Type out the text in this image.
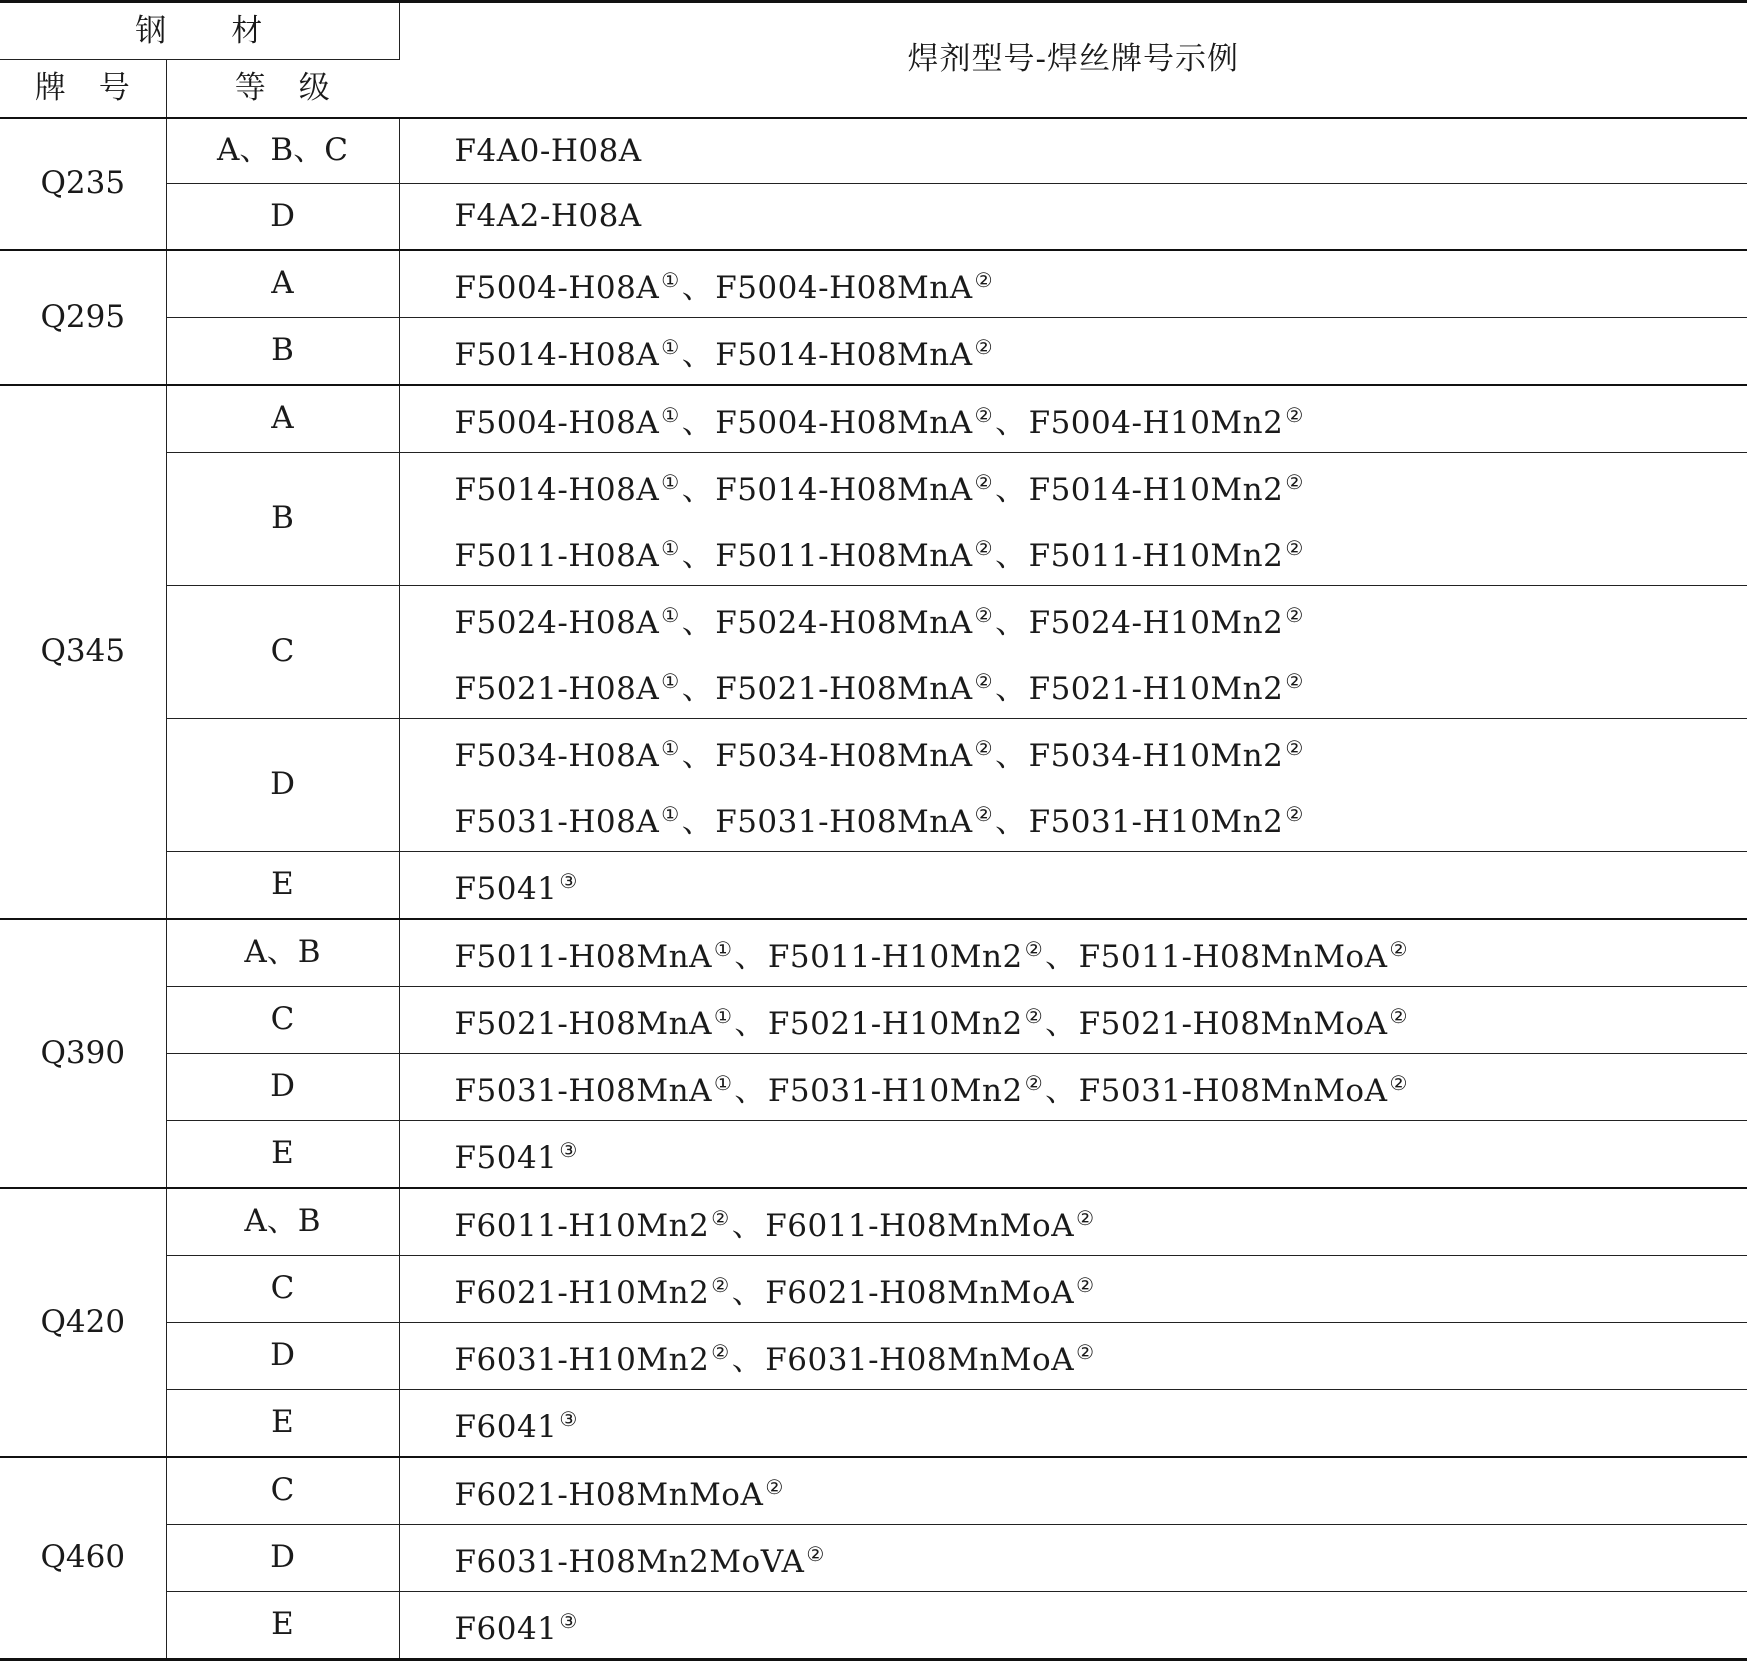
钢　　材		焊剂型号-焊丝牌号示例
牌　号	等　级	
Q235	A、B、C	F4A0-H08A

	D	F4A2-H08A

Q295	A	F5004-H08A ①、F5004-H08MnA ②

	B	F5014-H08A ①、F5014-H08MnA ②

Q345	A	F5004-H08A ①、F5004-H08MnA ②、F5004-H10Mn2 ②

	B	F5014-H08A ①、F5014-H08MnA ②、F5014-H10Mn2 ②
F5011-H08A ①、F5011-H08MnA ②、F5011-H10Mn2 ②

	C	F5024-H08A ①、F5024-H08MnA ②、F5024-H10Mn2 ②
F5021-H08A ①、F5021-H08MnA ②、F5021-H10Mn2 ②

	D	F5034-H08A ①、F5034-H08MnA ②、F5034-H10Mn2 ②
F5031-H08A ①、F5031-H08MnA ②、F5031-H10Mn2 ②

	E	F5041 ③

Q390	A、B	F5011-H08MnA ①、F5011-H10Mn2 ②、F5011-H08MnMoA ②

	C	F5021-H08MnA ①、F5021-H10Mn2 ②、F5021-H08MnMoA ②

	D	F5031-H08MnA ①、F5031-H10Mn2 ②、F5031-H08MnMoA ②

	E	F5041 ③

Q420	A、B	F6011-H10Mn2 ②、F6011-H08MnMoA ②

	C	F6021-H10Mn2 ②、F6021-H08MnMoA ②

	D	F6031-H10Mn2 ②、F6031-H08MnMoA ②

	E	F6041 ③

Q460	C	F6021-H08MnMoA ②

	D	F6031-H08Mn2MoVA ②

	E	F6041 ③
